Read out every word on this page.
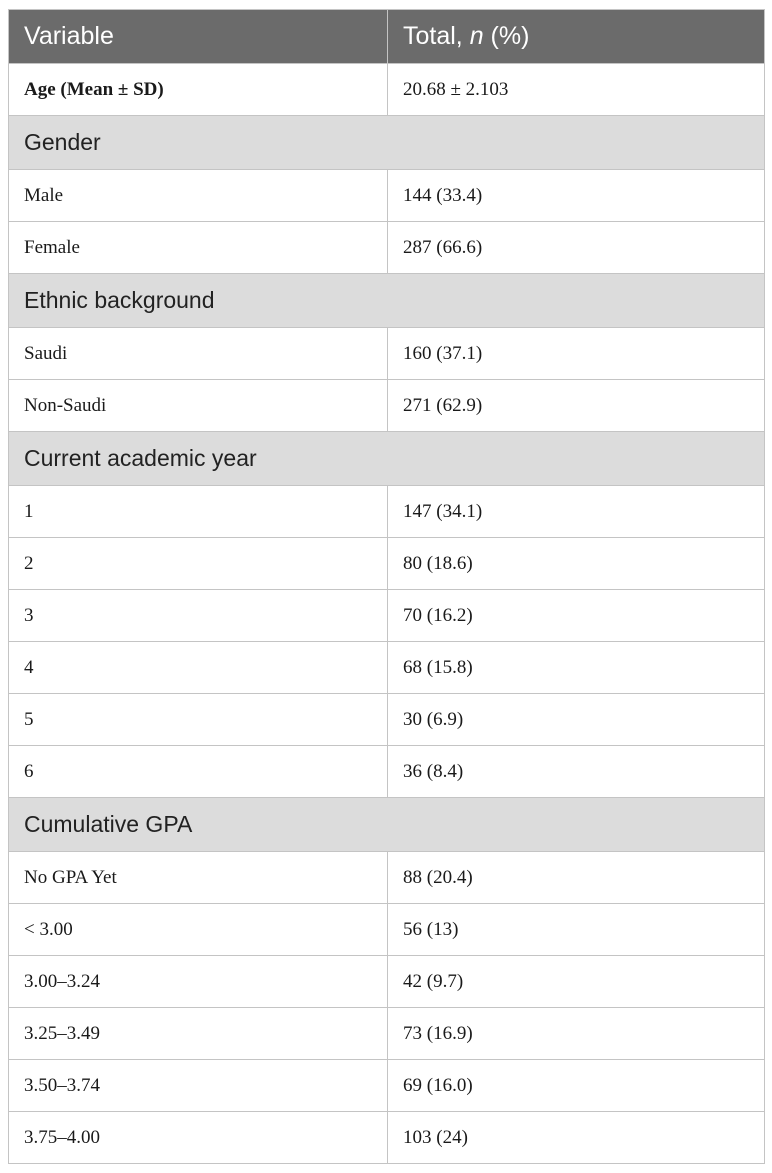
Variable	Total, n (%)
Age (Mean ± SD)	20.68 ± 2.103
Gender	
Male	144 (33.4)
Female	287 (66.6)
Ethnic background	
Saudi	160 (37.1)
Non-Saudi	271 (62.9)
Current academic year	
1	147 (34.1)
2	80 (18.6)
3	70 (16.2)
4	68 (15.8)
5	30 (6.9)
6	36 (8.4)
Cumulative GPA	
No GPA Yet	88 (20.4)
< 3.00	56 (13)
3.00–3.24	42 (9.7)
3.25–3.49	73 (16.9)
3.50–3.74	69 (16.0)
3.75–4.00	103 (24)
